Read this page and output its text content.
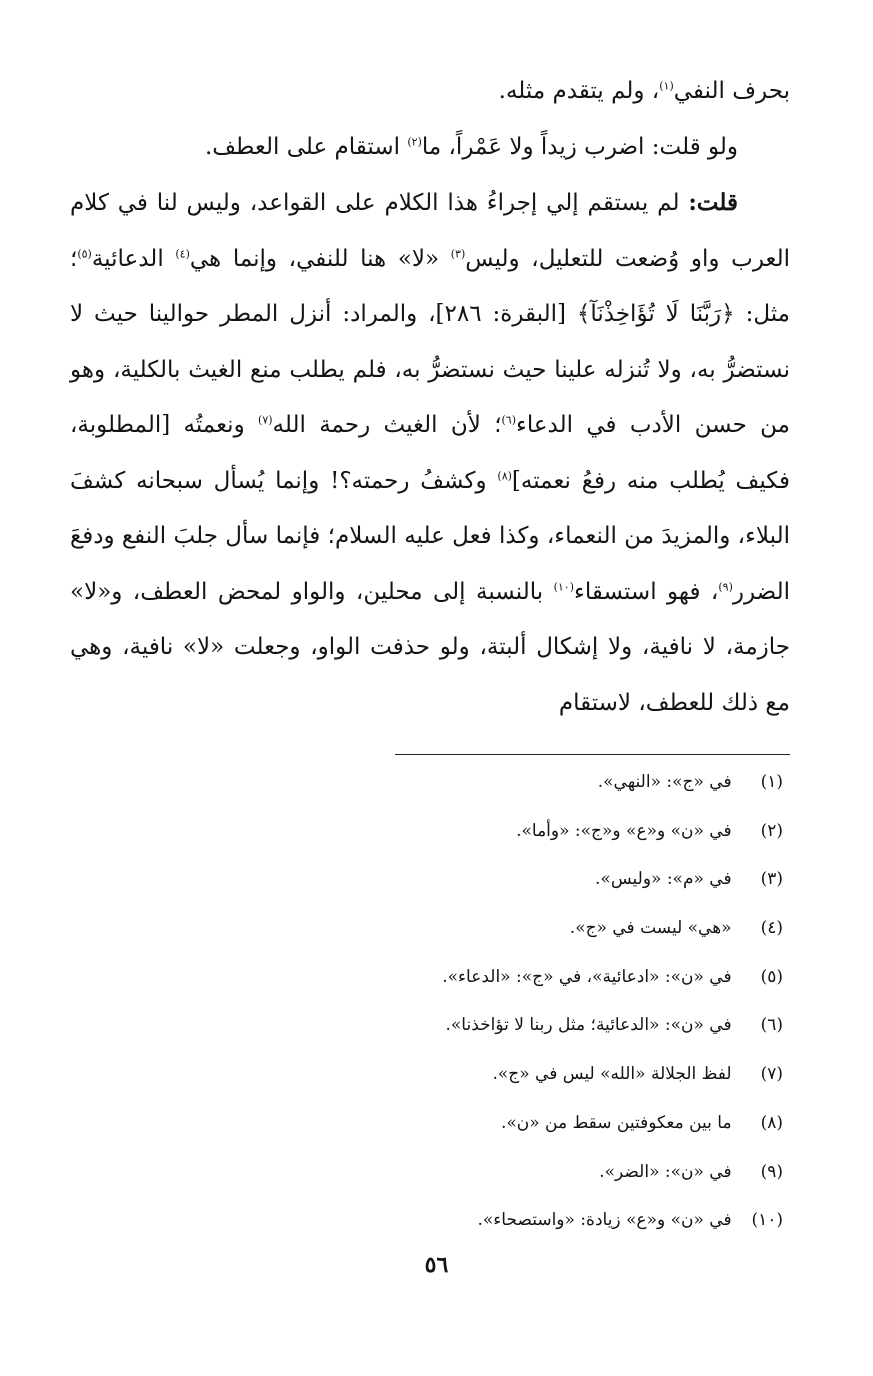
بحرف النفي$^{(١)}$، ولم يتقدم مثله.

ولو قلت: اضرب زيداً ولا عَمْراً، ما$^{(٢)}$ استقام على العطف.

قلت: لم يستقم إلي إجراءُ هذا الكلام على القواعد، وليس لنا في كلام العرب واو وُضعت للتعليل، وليس$^{(٣)}$ «لا» هنا للنفي، وإنما هي$^{(٤)}$ الدعائية$^{(٥)}$؛ مثل: ﴿رَبَّنَا لَا تُؤَاخِذْنَآ﴾ [البقرة: ٢٨٦]، والمراد: أنزل المطر حوالينا حيث لا نستضرُّ به، ولا تُنزله علينا حيث نستضرُّ به، فلم يطلب منع الغيث بالكلية، وهو من حسن الأدب في الدعاء$^{(٦)}$؛ لأن الغيث رحمة الله$^{(٧)}$ ونعمتُه [المطلوبة، فكيف يُطلب منه رفعُ نعمته]$^{(٨)}$ وكشفُ رحمته؟! وإنما يُسأل سبحانه كشفَ البلاء، والمزيدَ من النعماء، وكذا فعل عليه السلام؛ فإنما سأل جلبَ النفع ودفعَ الضرر$^{(٩)}$، فهو استسقاء$^{(١٠)}$ بالنسبة إلى محلين، والواو لمحض العطف، و«لا» جازمة، لا نافية، ولا إشكال ألبتة، ولو حذفت الواو، وجعلت «لا» نافية، وهي مع ذلك للعطف، لاستقام

(١) في «ج»: «النهي».
(٢) في «ن» و«ع» و«ج»: «وأما».
(٣) في «م»: «وليس».
(٤) «هي» ليست في «ج».
(٥) في «ن»: «ادعائية»، في «ج»: «الدعاء».
(٦) في «ن»: «الدعائية؛ مثل ربنا لا تؤاخذنا».
(٧) لفظ الجلالة «الله» ليس في «ج».
(٨) ما بين معكوفتين سقط من «ن».
(٩) في «ن»: «الضر».
(١٠) في «ن» و«ع» زيادة: «واستصحاء».
٥٦
